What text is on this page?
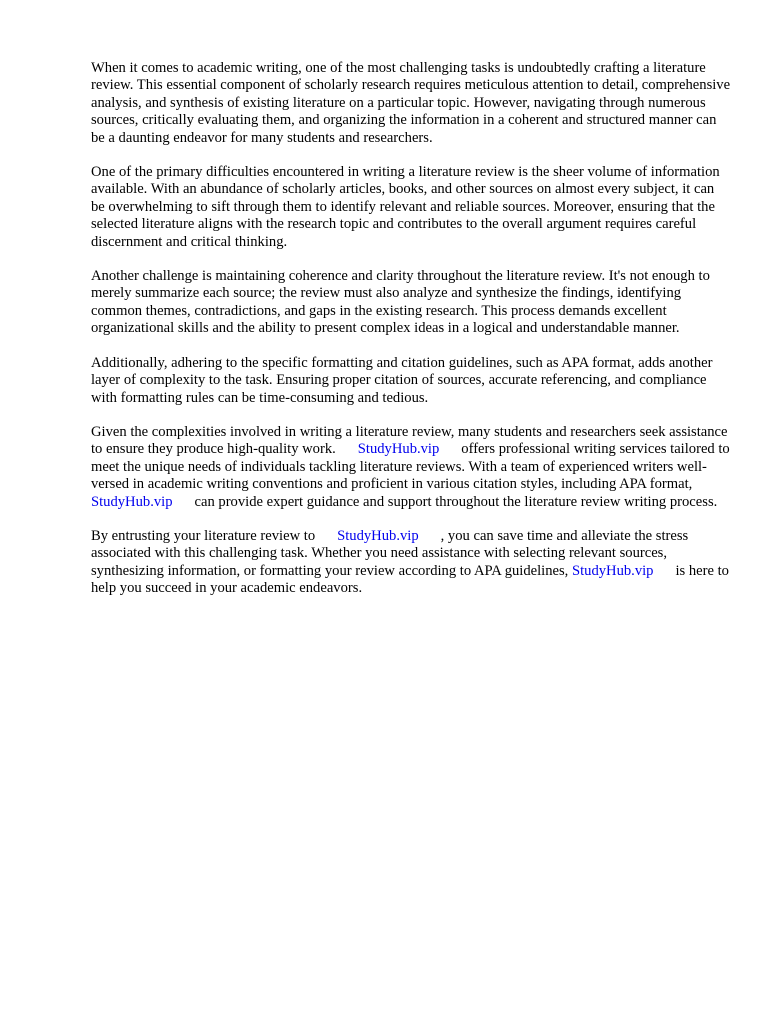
When it comes to academic writing, one of the most challenging tasks is undoubtedly crafting a literature review. This essential component of scholarly research requires meticulous attention to detail, comprehensive analysis, and synthesis of existing literature on a particular topic. However, navigating through numerous sources, critically evaluating them, and organizing the information in a coherent and structured manner can be a daunting endeavor for many students and researchers.

One of the primary difficulties encountered in writing a literature review is the sheer volume of information available. With an abundance of scholarly articles, books, and other sources on almost every subject, it can be overwhelming to sift through them to identify relevant and reliable sources. Moreover, ensuring that the selected literature aligns with the research topic and contributes to the overall argument requires careful discernment and critical thinking.

Another challenge is maintaining coherence and clarity throughout the literature review. It's not enough to merely summarize each source; the review must also analyze and synthesize the findings, identifying common themes, contradictions, and gaps in the existing research. This process demands excellent organizational skills and the ability to present complex ideas in a logical and understandable manner.

Additionally, adhering to the specific formatting and citation guidelines, such as APA format, adds another layer of complexity to the task. Ensuring proper citation of sources, accurate referencing, and compliance with formatting rules can be time-consuming and tedious.

Given the complexities involved in writing a literature review, many students and researchers seek assistance to ensure they produce high-quality work. StudyHub.vip offers professional writing services tailored to meet the unique needs of individuals tackling literature reviews. With a team of experienced writers well-versed in academic writing conventions and proficient in various citation styles, including APA format,StudyHub.vip can provide expert guidance and support throughout the literature review writing process.

By entrusting your literature review to StudyHub.vip , you can save time and alleviate the stress associated with this challenging task. Whether you need assistance with selecting relevant sources, synthesizing information, or formatting your review according to APA guidelines, StudyHub.vip is here to help you succeed in your academic endeavors.
